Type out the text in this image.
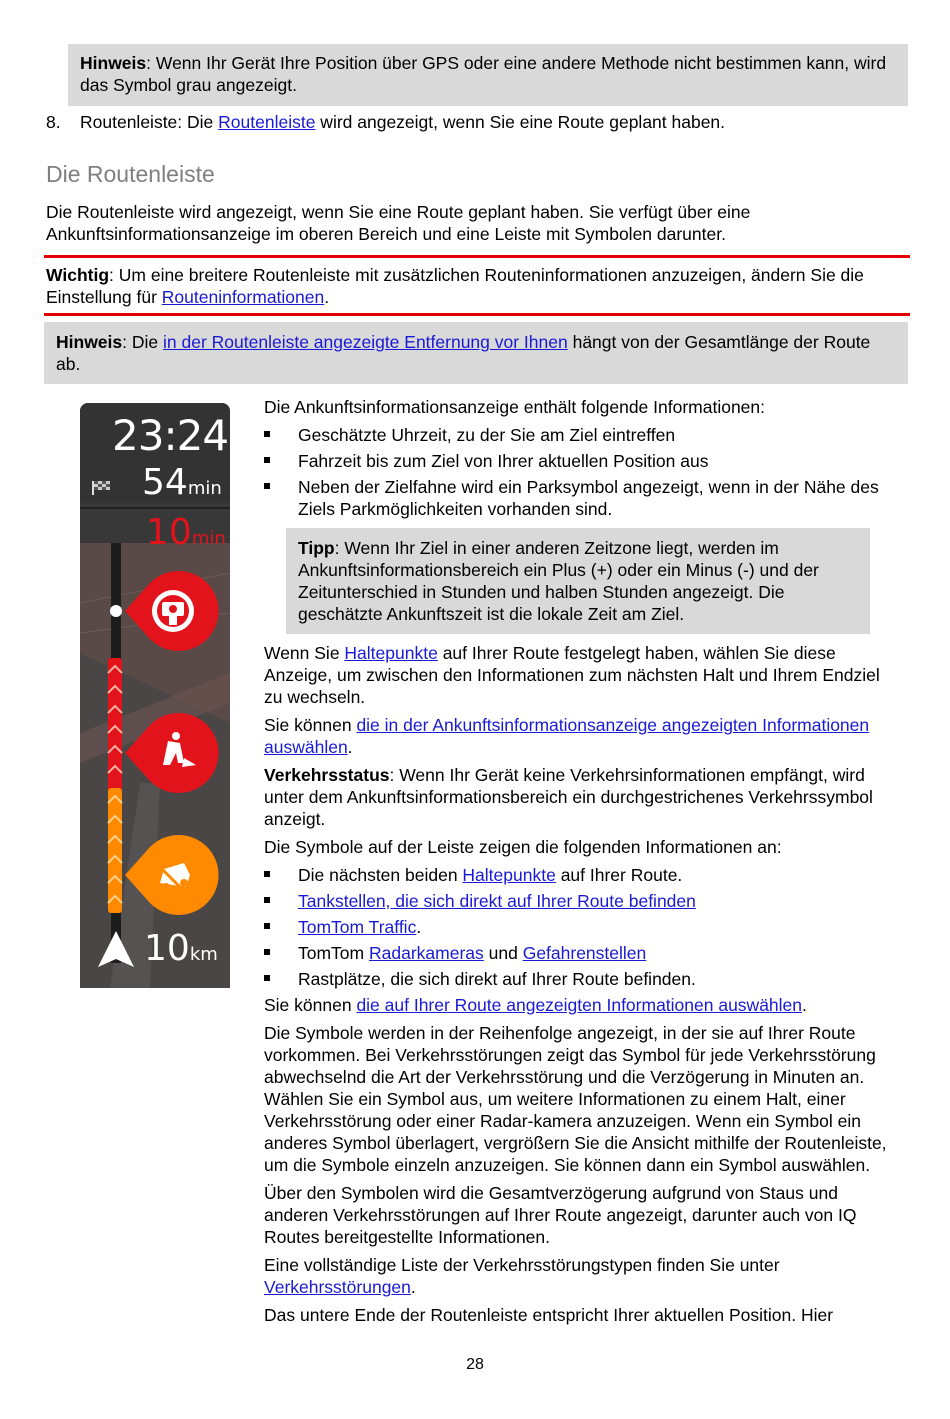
Hinweis: Wenn Ihr Gerät Ihre Position über GPS oder eine andere Methode nicht bestimmen kann, wird das Symbol grau angezeigt.
8. Routenleiste: Die Routenleiste wird angezeigt, wenn Sie eine Route geplant haben.
Die Routenleiste
Die Routenleiste wird angezeigt, wenn Sie eine Route geplant haben. Sie verfügt über eine Ankunftsinformationsanzeige im oberen Bereich und eine Leiste mit Symbolen darunter.
Wichtig: Um eine breitere Routenleiste mit zusätzlichen Routeninformationen anzuzeigen, ändern Sie die Einstellung für Routeninformationen.
Hinweis: Die in der Routenleiste angezeigte Entfernung vor Ihnen hängt von der Gesamtlänge der Route ab.
23:24
54min
10min
10km

Die Ankunftsinformationsanzeige enthält folgende Informationen:

Geschätzte Uhrzeit, zu der Sie am Ziel eintreffen
Fahrzeit bis zum Ziel von Ihrer aktuellen Position aus
Neben der Zielfahne wird ein Parksymbol angezeigt, wenn in der Nähe des Ziels Parkmöglichkeiten vorhanden sind.
Tipp: Wenn Ihr Ziel in einer anderen Zeitzone liegt, werden im Ankunftsinformationsbereich ein Plus (+) oder ein Minus (-) und der Zeitunterschied in Stunden und halben Stunden angezeigt. Die geschätzte Ankunftszeit ist die lokale Zeit am Ziel.

Wenn Sie Haltepunkte auf Ihrer Route festgelegt haben, wählen Sie diese Anzeige, um zwischen den Informationen zum nächsten Halt und Ihrem Endziel zu wechseln.

Sie können die in der Ankunftsinformationsanzeige angezeigten Informationen auswählen.

Verkehrsstatus: Wenn Ihr Gerät keine Verkehrsinformationen empfängt, wird unter dem Ankunftsinformationsbereich ein durchgestrichenes Verkehrssymbol anzeigt.

Die Symbole auf der Leiste zeigen die folgenden Informationen an:

Die nächsten beiden Haltepunkte auf Ihrer Route.
Tankstellen, die sich direkt auf Ihrer Route befinden
TomTom Traffic.
TomTom Radarkameras und Gefahrenstellen
Rastplätze, die sich direkt auf Ihrer Route befinden.

Sie können die auf Ihrer Route angezeigten Informationen auswählen.

Die Symbole werden in der Reihenfolge angezeigt, in der sie auf Ihrer Route vorkommen. Bei Verkehrsstörungen zeigt das Symbol für jede Verkehrsstörung abwechselnd die Art der Verkehrsstörung und die Verzögerung in Minuten an. Wählen Sie ein Symbol aus, um weitere Informationen zu einem Halt, einer Verkehrsstörung oder einer Radar-kamera anzuzeigen. Wenn ein Symbol ein anderes Symbol überlagert, vergrößern Sie die Ansicht mithilfe der Routenleiste, um die Symbole einzeln anzuzeigen. Sie können dann ein Symbol auswählen.

Über den Symbolen wird die Gesamtverzögerung aufgrund von Staus und anderen Verkehrsstörungen auf Ihrer Route angezeigt, darunter auch von IQ Routes bereitgestellte Informationen.

Eine vollständige Liste der Verkehrsstörungstypen finden Sie unter Verkehrsstörungen.

Das untere Ende der Routenleiste entspricht Ihrer aktuellen Position. Hier

28
